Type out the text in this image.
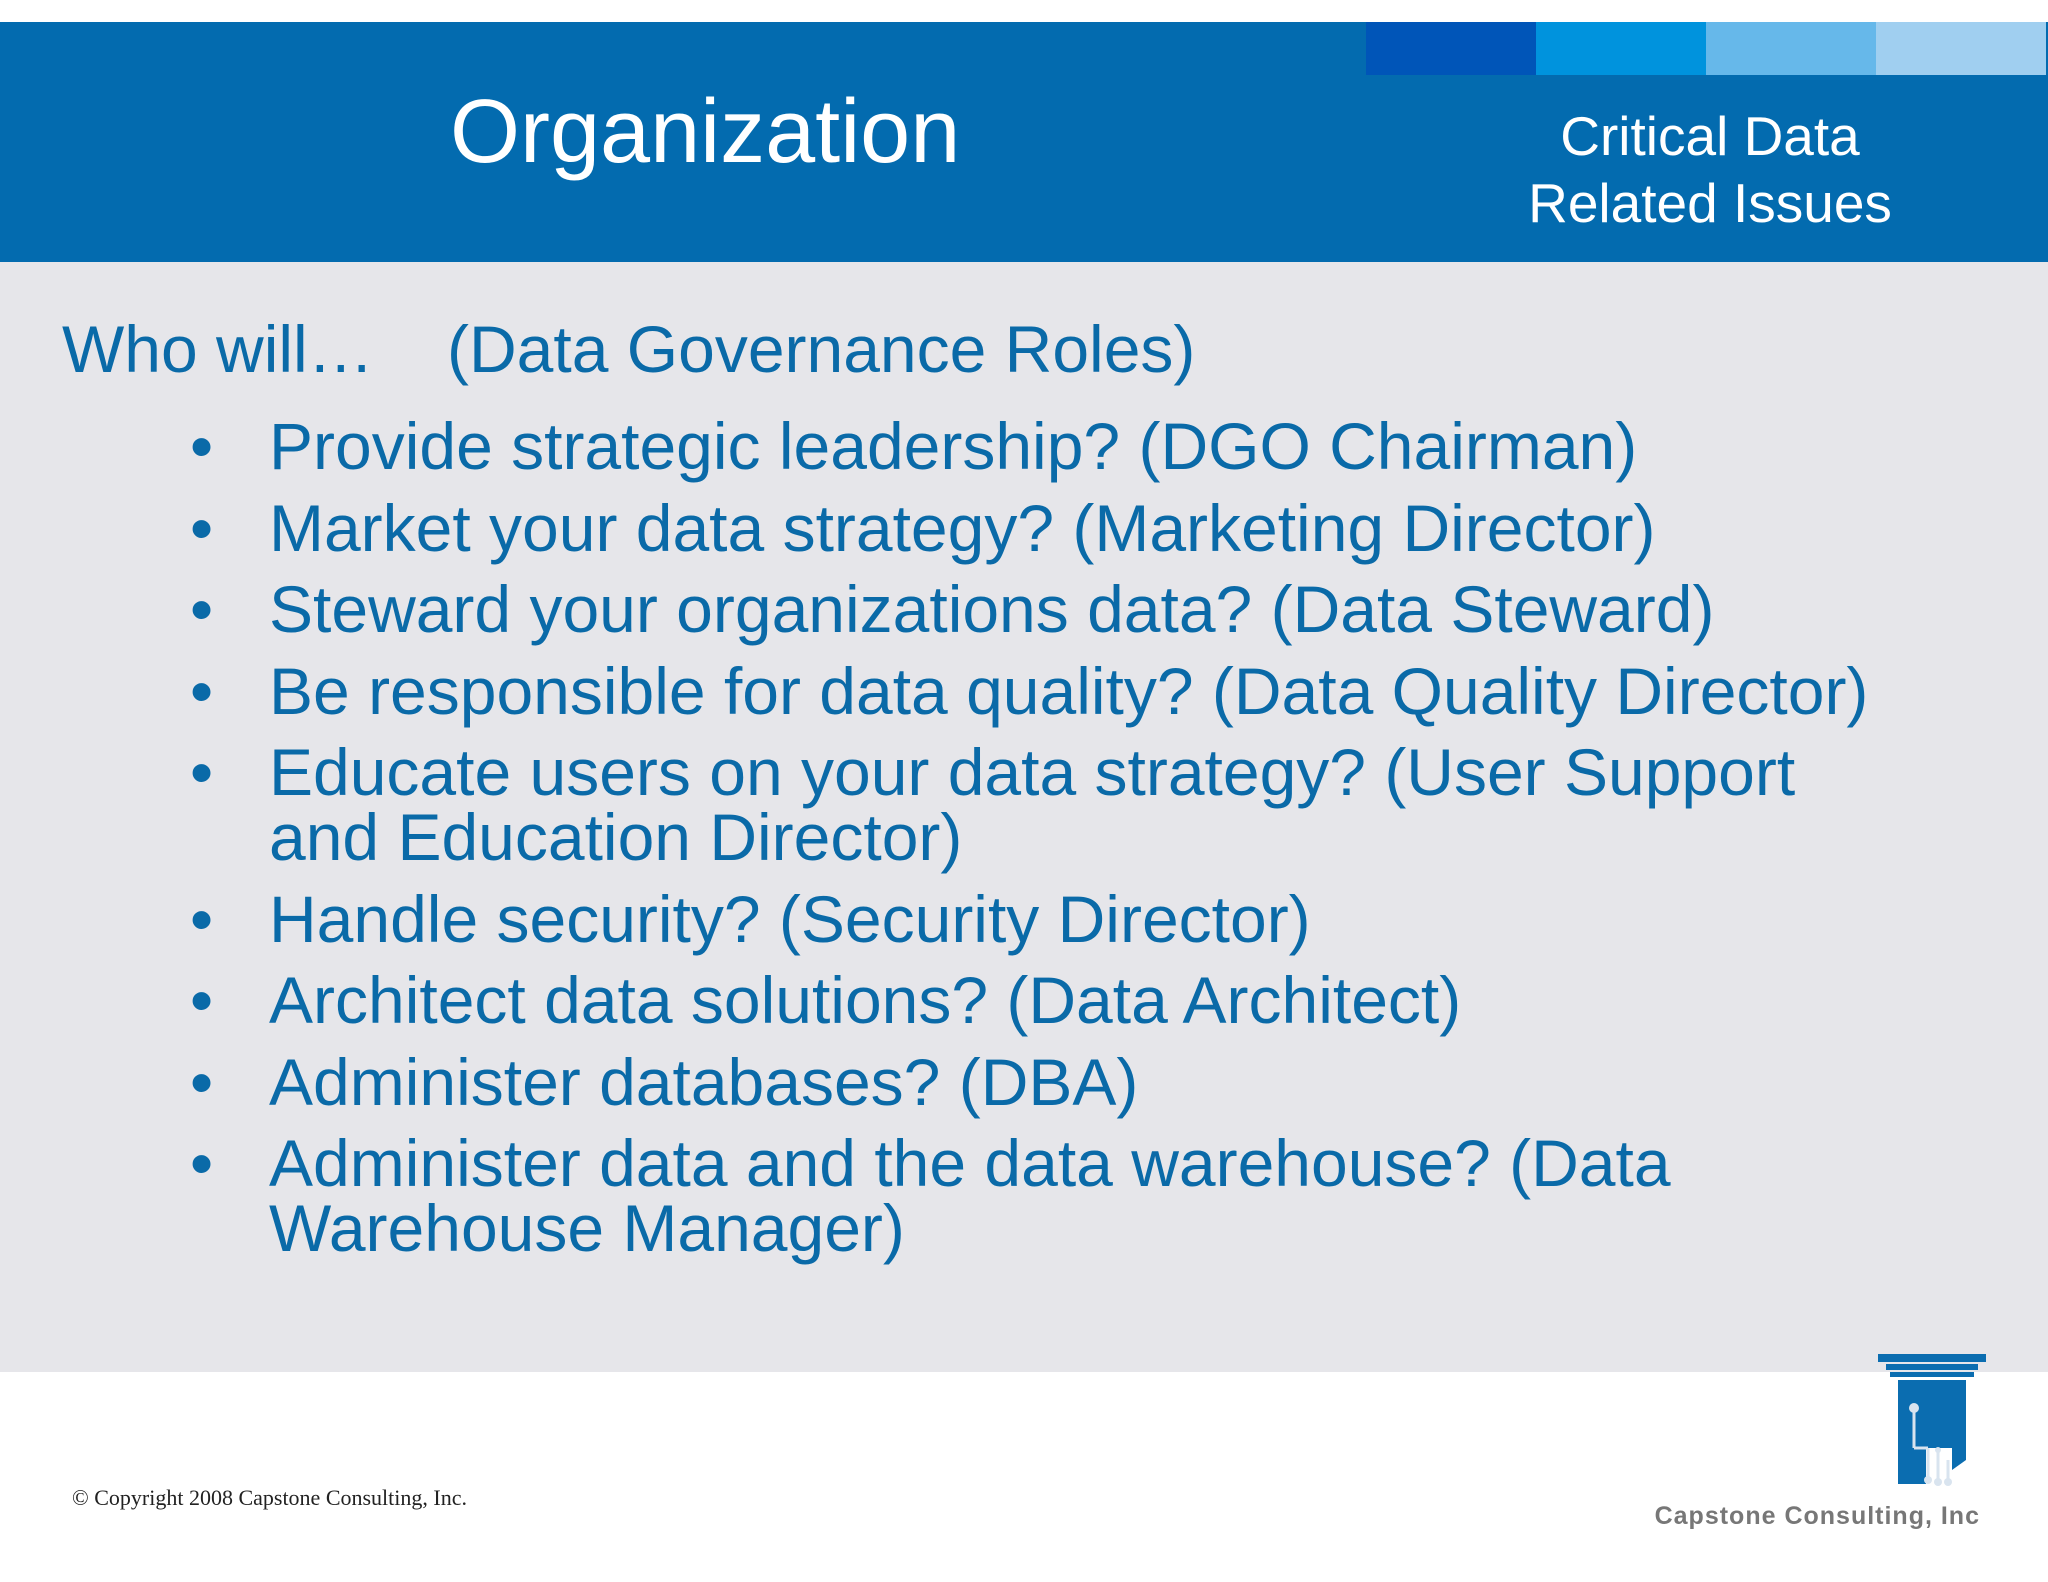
Organization	Critical Data
Related Issues
Who will…    (Data Governance Roles)
• Provide strategic leadership? (DGO Chairman)
• Market your data strategy? (Marketing Director)
• Steward your organizations data? (Data Steward)
• Be responsible for data quality? (Data Quality Director)
• Educate users on your data strategy? (User Support and Education Director)
• Handle security? (Security Director)
• Architect data solutions? (Data Architect)
• Administer databases? (DBA)
• Administer data and the data warehouse? (Data Warehouse Manager)
© Copyright 2008 Capstone Consulting, Inc.
Capstone Consulting, Inc
